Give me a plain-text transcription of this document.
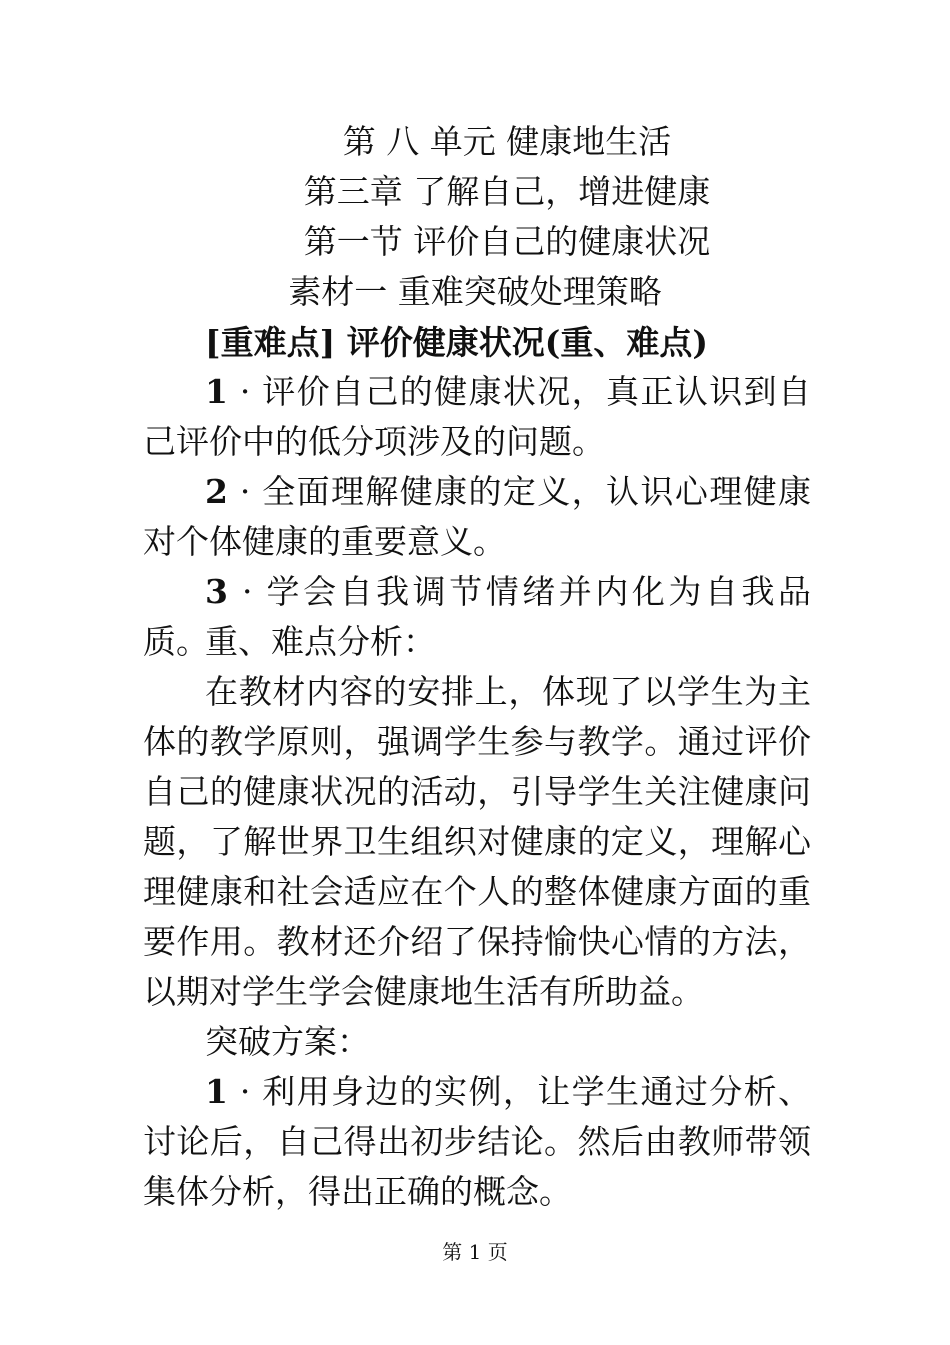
第 八 单元 健康地生活
第三章 了解自己，增进健康
第一节 评价自己的健康状况
素材一 重难突破处理策略
[重难点] 评价健康状况(重、难点)
1 · 评价自己的健康状况，真正认识到自己评价中的低分项涉及的问题。
2 · 全面理解健康的定义，认识心理健康对个体健康的重要意义。
3 · 学会自我调节情绪并内化为自我品质。
重、难点分析：
在教材内容的安排上，体现了以学生为主体的教学原则，强调学生参与教学。通过评价自己的健康状况的活动，引导学生关注健康问题，了解世界卫生组织对健康的定义，理解心理健康和社会适应在个人的整体健康方面的重要作用。教材还介绍了保持愉快心情的方法，以期对学生学会健康地生活有所助益。
突破方案：
1 · 利用身边的实例，让学生通过分析、讨论后，自己得出初步结论。然后由教师带领集体分析，得出正确的概念。
第 1 页
